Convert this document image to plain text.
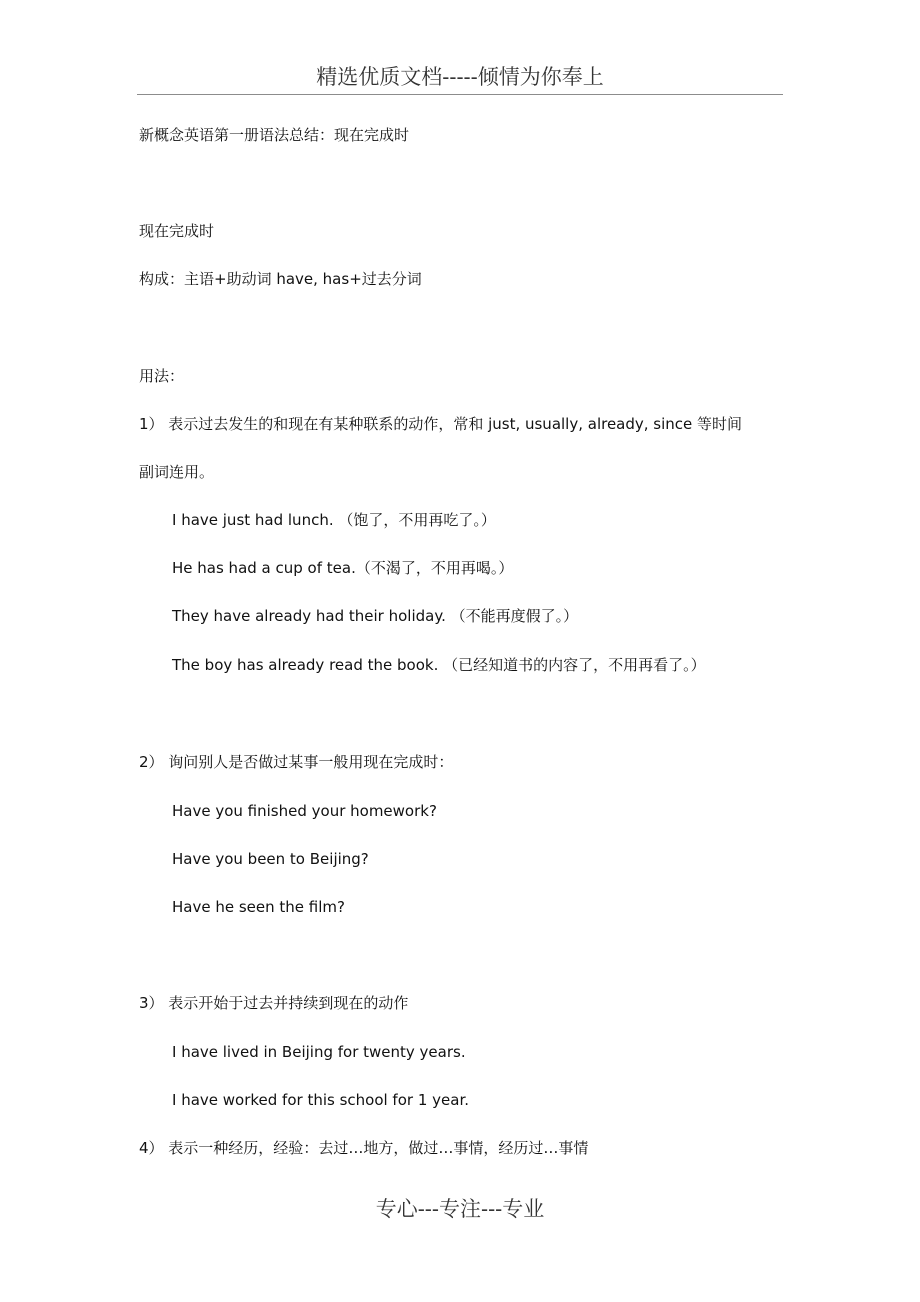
精选优质文档-----倾情为你奉上
新概念英语第一册语法总结：现在完成时
现在完成时
构成：主语+助动词 have, has+过去分词
用法：
1） 表示过去发生的和现在有某种联系的动作，常和 just, usually, already, since 等时间
副词连用。
I have just had lunch. （饱了，不用再吃了。）
He has had a cup of tea.（不渴了，不用再喝。）
They have already had their holiday. （不能再度假了。）
The boy has already read the book. （已经知道书的内容了，不用再看了。）
2） 询问别人是否做过某事一般用现在完成时：
Have you finished your homework?
Have you been to Beijing?
Have he seen the film?
3） 表示开始于过去并持续到现在的动作
I have lived in Beijing for twenty years.
I have worked for this school for 1 year.
4） 表示一种经历，经验：去过…地方，做过…事情，经历过…事情
专心---专注---专业
